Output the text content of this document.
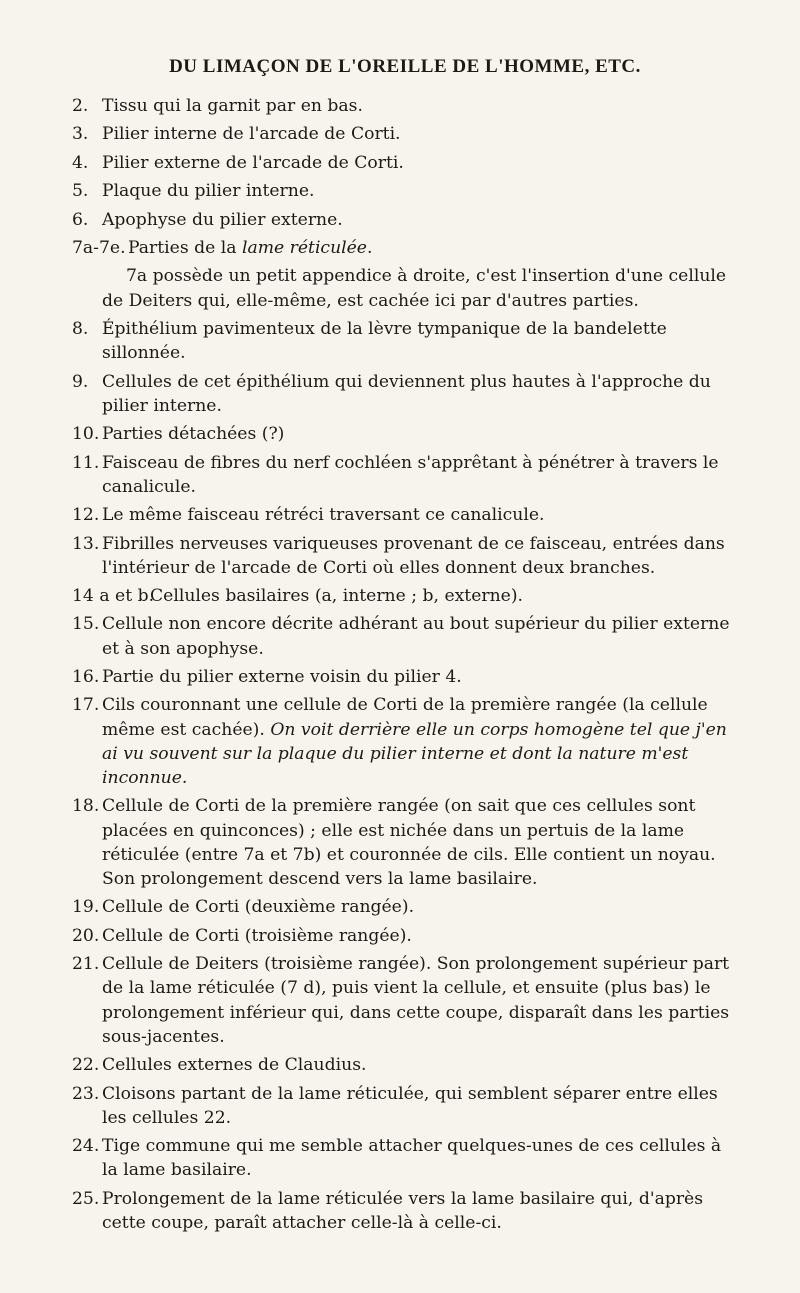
DU LIMAÇON DE L'OREILLE DE L'HOMME, ETC.
2. Tissu qui la garnit par en bas.
3. Pilier interne de l'arcade de Corti.
4. Pilier externe de l'arcade de Corti.
5. Plaque du pilier interne.
6. Apophyse du pilier externe.
7a-7e. Parties de la lame réticulée.
7a possède un petit appendice à droite, c'est l'insertion d'une cellule de Deiters qui, elle-même, est cachée ici par d'autres parties.
8. Épithélium pavimenteux de la lèvre tympanique de la bandelette sillonnée.
9. Cellules de cet épithélium qui deviennent plus hautes à l'approche du pilier interne.
10. Parties détachées (?)
11. Faisceau de fibres du nerf cochléen s'apprêtant à pénétrer à travers le canalicule.
12. Le même faisceau rétréci traversant ce canalicule.
13. Fibrilles nerveuses variqueuses provenant de ce faisceau, entrées dans l'intérieur de l'arcade de Corti où elles donnent deux branches.
14 a et b.
Cellules basilaires (a, interne ; b, externe).
15. Cellule non encore décrite adhérant au bout supérieur du pilier externe et à son apophyse.
16. Partie du pilier externe voisin du pilier 4.
17. Cils couronnant une cellule de Corti de la première rangée (la cellule même est cachée). On voit derrière elle un corps homogène tel que j'en ai vu souvent sur la plaque du pilier interne et dont la nature m'est inconnue.
18. Cellule de Corti de la première rangée (on sait que ces cellules sont placées en quinconces) ; elle est nichée dans un pertuis de la lame réticulée (entre 7a et 7b) et couronnée de cils. Elle contient un noyau. Son prolongement descend vers la lame basilaire.
19. Cellule de Corti (deuxième rangée).
20. Cellule de Corti (troisième rangée).
21. Cellule de Deiters (troisième rangée). Son prolongement supérieur part de la lame réticulée (7 d), puis vient la cellule, et ensuite (plus bas) le prolongement inférieur qui, dans cette coupe, disparaît dans les parties sous-jacentes.
22. Cellules externes de Claudius.
23. Cloisons partant de la lame réticulée, qui semblent séparer entre elles les cellules 22.
24. Tige commune qui me semble attacher quelques-unes de ces cellules à la lame basilaire.
25. Prolongement de la lame réticulée vers la lame basilaire qui, d'après cette coupe, paraît attacher celle-là à celle-ci.
